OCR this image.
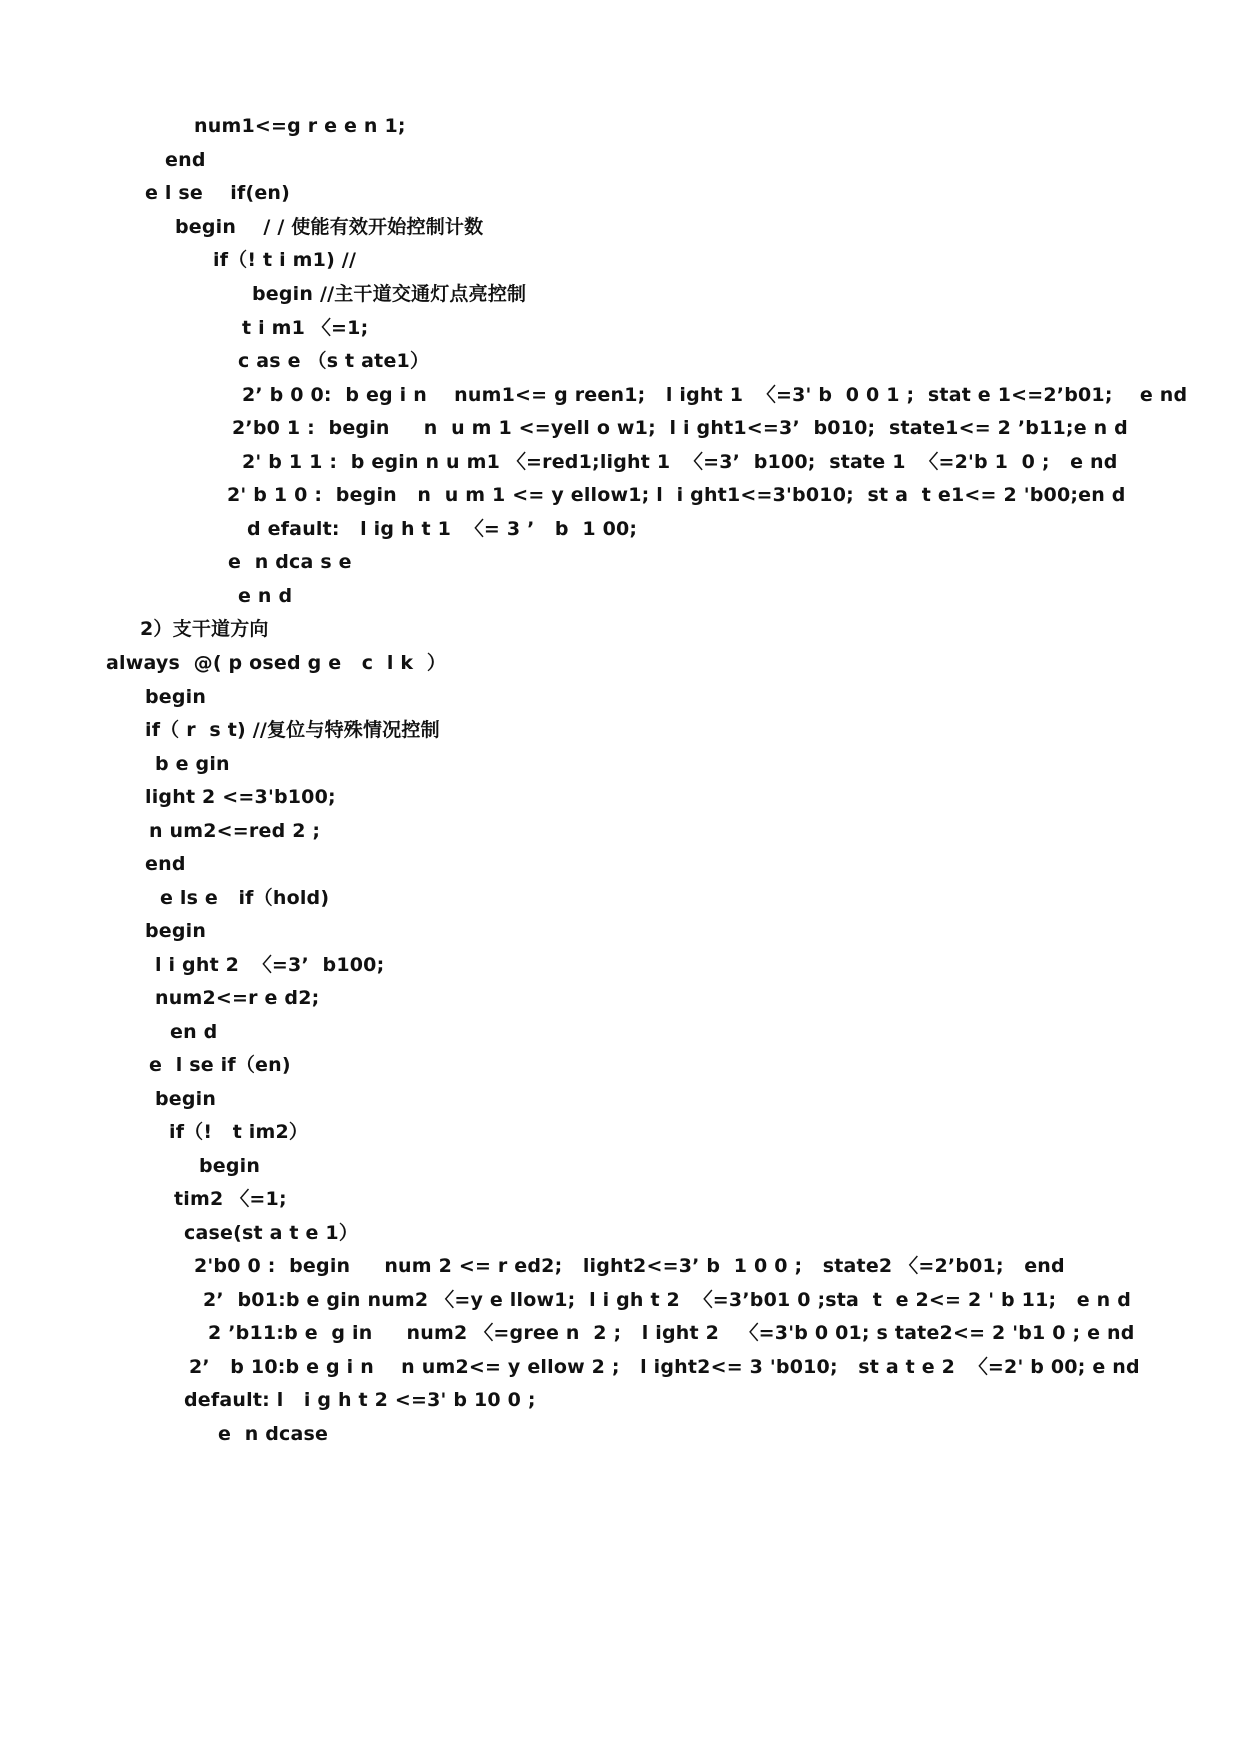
num1<=g r e e n 1;
end
e l se    if(en)
begin    / / 使能有效开始控制计数
if（! t i m1) //
begin //主干道交通灯点亮控制
t i m1 〈=1;
c as e （s t ate1）
2’ b 0 0:  b eg i n    num1<= g reen1;   l ight 1  〈=3' b  0 0 1 ;  stat e 1<=2’b01;    e nd
2’b0 1 :  begin     n  u m 1 <=yell o w1;  l i ght1<=3’  b010;  state1<= 2 ’b11;e n d
2' b 1 1 :  b egin n u m1 〈=red1;light 1  〈=3’  b100;  state 1  〈=2'b 1  0 ;   e nd
2' b 1 0 :  begin   n  u m 1 <= y ellow1; l  i ght1<=3'b010;  st a  t e1<= 2 'b00;en d
d efault:   l ig h t 1  〈= 3 ’   b  1 00;
e  n dca s e
e n d
2）支干道方向
always  @( p osed g e   c  l k  ）
begin
if（ r  s t) //复位与特殊情况控制
b e gin
light 2 <=3'b100;
n um2<=red 2 ;
end
e ls e   if（hold)
begin
l i ght 2  〈=3’  b100;
num2<=r e d2;
en d
e  l se if（en)
begin
if（!   t im2）
begin
tim2 〈=1;
case(st a t e 1）
2'b0 0 :  begin     num 2 <= r ed2;   light2<=3’ b  1 0 0 ;   state2 〈=2’b01;   end
2’  b01:b e gin num2 〈=y e llow1;  l i gh t 2  〈=3’b01 0 ;sta  t  e 2<= 2 ' b 11;   e n d
2 ’b11:b e  g in     num2 〈=gree n  2 ;   l ight 2   〈=3'b 0 01; s tate2<= 2 'b1 0 ; e nd
2’   b 10:b e g i n    n um2<= y ellow 2 ;   l ight2<= 3 'b010;   st a t e 2  〈=2' b 00; e nd
default: l   i g h t 2 <=3' b 10 0 ;
e  n dcase
